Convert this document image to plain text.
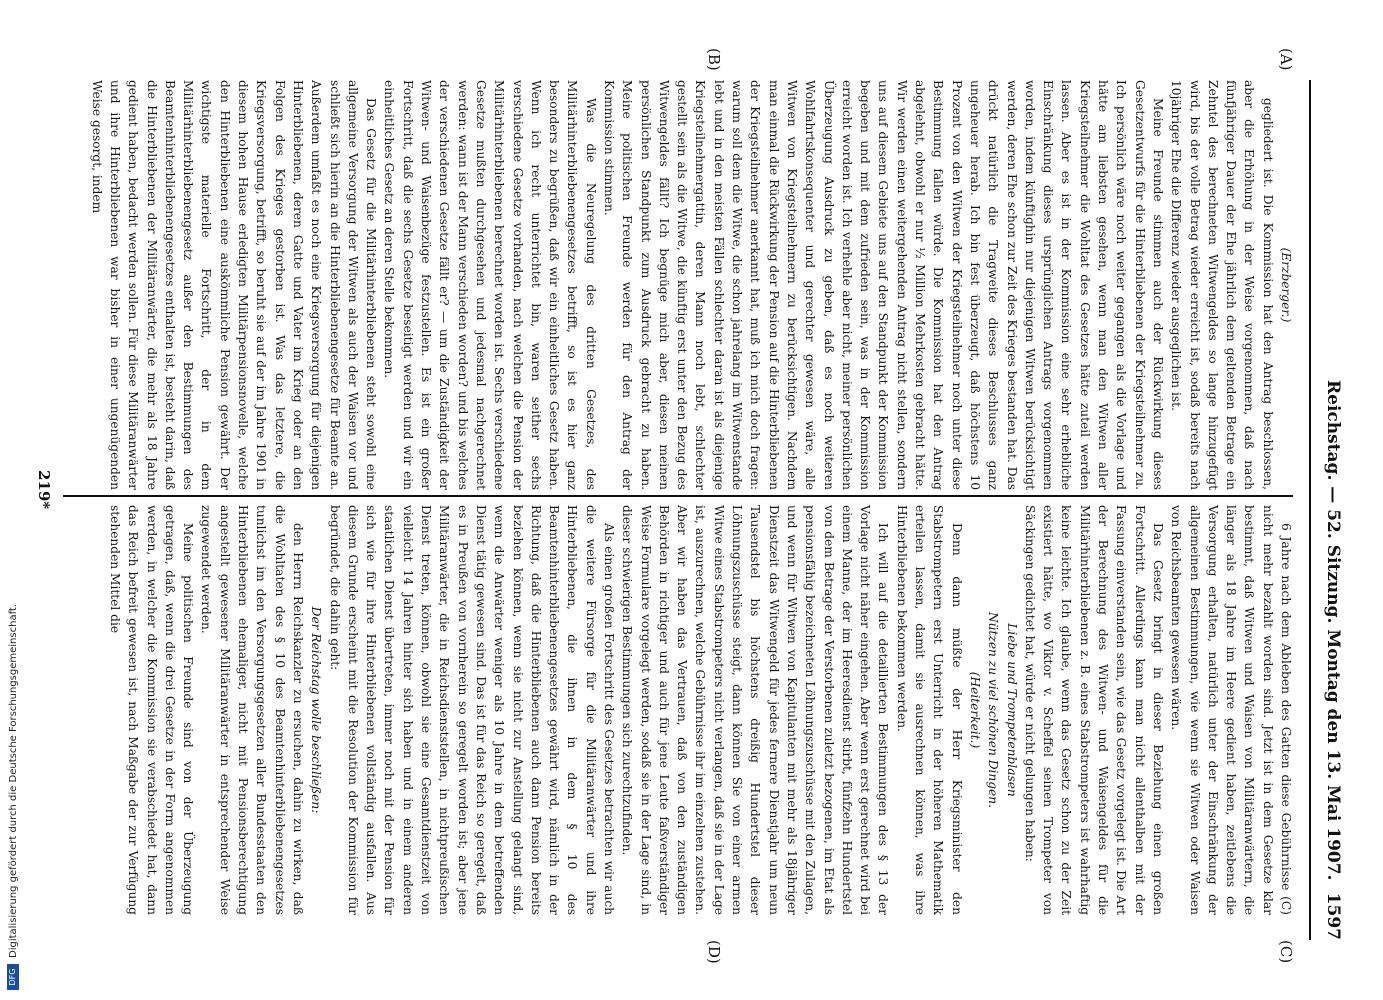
Reichstag. — 52. Sitzung. Montag den 13. Mai 1907.
1597
(A)
(B)
(C)
(D)

(Erzberger.)

gegliedert ist. Die Kommission hat den Antrag beschlossen, aber die Erhöhung in der Weise vorgenommen, daß nach fünfjähriger Dauer der Ehe jährlich dem geltenden Betrage ein Zehntel des berechneten Witwengeldes so lange hinzugefügt wird, bis der volle Betrag wieder erreicht ist, sodaß bereits nach 10jähriger Ehe die Differenz wieder ausgeglichen ist.

Meine Freunde stimmen auch der Rückwirkung dieses Gesetzentwurfs für die Hinterbliebenen der Kriegsteilnehmer zu. Ich persönlich wäre noch weiter gegangen als die Vorlage und hätte am liebsten gesehen, wenn man den Witwen aller Kriegsteilnehmer die Wohltat des Gesetzes hätte zuteil werden lassen. Aber es ist in der Kommission eine sehr erhebliche Einschränkung dieses ursprünglichen Antrags vorgenommen worden, indem künftighin nur diejenigen Witwen berücksichtigt werden, deren Ehe schon zur Zeit des Krieges bestanden hat. Das drückt natürlich die Tragweite dieses Beschlusses ganz ungeheuer herab. Ich bin fest überzeugt, daß höchstens 10 Prozent von den Witwen der Kriegsteilnehmer noch unter diese Bestimmung fallen würde. Die Kommission hat den Antrag abgelehnt, obwohl er nur ½ Million Mehrkosten gebracht hätte. Wir werden einen weitergehenden Antrag nicht stellen, sondern uns auf diesem Gebiete uns auf den Standpunkt der Kommission begeben und mit dem zufrieden sein, was in der Kommission erreicht worden ist. Ich verhehle aber nicht, meiner persönlichen Überzeugung Ausdruck zu geben, daß es noch weiteren Wohlfahrtskonsequenter und gerechter gewesen wäre, alle Witwen von Kriegsteilnehmern zu berücksichtigen. Nachdem man einmal die Rückwirkung der Pension auf die Hinterbliebenen der Kriegsteilnehmer anerkannt hat, muß ich mich doch fragen: warum soll dem die Witwe, die schon jahrelang im Witwenstande lebt und in den meisten Fällen schlechter daran ist als diejenige Kriegsteilnehmergattin, deren Mann noch lebt, schlechter gestellt sein als die Witwe, die künftig erst unter den Bezug des Witwengeldes fällt? Ich begnüge mich aber, diesen meinen persönlichen Standpunkt zum Ausdruck gebracht zu haben. Meine politischen Freunde werden für den Antrag der Kommission stimmen.

Was die Neuregelung des dritten Gesetzes, des Militärhinterbliebenengesetzes betrifft, so ist es hier ganz besonders zu begrüßen, daß wir ein einheitliches Gesetz haben. Wenn ich recht unterrichtet bin, waren seither sechs verschiedene Gesetze vorhanden, nach welchen die Pension der Militärhinterbliebenen berechnet worden ist. Sechs verschiedene Gesetze mußten durchgesehen und jedesmal nachgerechnet werden: wann ist der Mann verschieden worden? und bis welches der verschiedenen Gesetze fällt er? — um die Zuständigkeit der Witwen- und Waisenbezüge festzustellen. Es ist ein großer Fortschritt, daß die sechs Gesetze beseitigt werden und wir ein einheitliches Gesetz an deren Stelle bekommen.

Das Gesetz für die Militärhinterbliebenen steht sowohl eine allgemeine Versorgung der Witwen als auch der Waisen vor und schließt sich hierin an die Hinterbliebenengesetze für Beamte an. Außerdem umfaßt es noch eine Kriegsversorgung für diejenigen Hinterbliebenen, deren Gatte und Vater im Krieg oder an den Folgen des Krieges gestorben ist. Was das letztere, die Kriegsversorgung, betrifft, so beruht sie auf der im Jahre 1901 in diesem hohen Hause erledigten Militärpensionsnovelle, welche den Hinterbliebenen eine auskömmliche Pension gewährt. Der wichtigste materielle Fortschritt, der in dem Militärhinterbliebenengesetz außer den Bestimmungen des Beamtenhinterbliebenengesetzes enthalten ist, besteht darin, daß die Hinterbliebenen der Militäranwärter, die mehr als 18 Jahre gedient haben, bedacht werden sollen. Für diese Militäranwärter und ihre Hinterbliebenen war bisher in einer ungenügenden Weise gesorgt, indem

6 Jahre nach dem Ableben des Gatten diese Gebührnisse (C) nicht mehr bezahlt worden sind. Jetzt ist in dem Gesetze klar bestimmt, daß Witwen und Waisen von Militäranwärtern, die länger als 18 Jahre im Heere gedient haben, zeitlebens die Versorgung erhalten, natürlich unter der Einschränkung der allgemeinen Bestimmungen, wie wenn sie Witwen oder Waisen von Reichsbeamten gewesen wären.

Das Gesetz bringt in dieser Beziehung einen großen Fortschritt. Allerdings kann man nicht allenthalben mit der Fassung einverstanden sein, wie das Gesetz vorgelegt ist. Die Art der Berechnung des Witwen- und Waisengeldes für die Militärhinterbliebenen z. B. eines Stabstrompeters ist wahrhaftig keine leichte. Ich glaube, wenn das Gesetz schon zu der Zeit existiert hätte, wo Viktor v. Scheffel seinen Trompeter von Säckingen gedichtet hat, würde er nicht gelungen haben:

Liebe und Trompetenblasen

Nützen zu viel schönen Dingen.

(Heiterkeit.)

Denn dann müßte der Herr Kriegsminister den Stabstrompetern erst Unterricht in der höheren Mathematik erteilen lassen, damit sie ausrechnen können, was ihre Hinterbliebenen bekommen werden.

Ich will auf die detaillierten Bestimmungen des § 13 der Vorlage nicht näher eingehen. Aber wenn erst gerechnet wird bei einem Manne, der im Heeresdienst stirbt, fünfzehn Hundertstel von dem Betrage der Verstorbenen zuletzt bezogenen, im Etat als pensionsfähig bezeichneten Löhnungszuschüsse mit den Zulagen, und wenn für Witwen von Kapitulanten mit mehr als 18jähriger Dienstzeit das Witwengeld für jedes fernere Dienstjahr um neun Tausendstel bis höchstens dreißig Hundertstel dieser Löhnungszuschüsse steigt, dann können Sie von einer armen Witwe eines Stabstrompeters nicht verlangen, daß sie in der Lage ist, auszurechnen, welche Gebührnisse ihr im einzelnen zustehen. Aber wir haben das Vertrauen, daß von den zuständigen Behörden in richtiger und auch für jene Leute faßverständiger Weise Formulare vorgelegt werden, sodaß sie in der Lage sind, in dieser schwierigen Bestimmungen sich zurechtzufinden.

Als einen großen Fortschritt des Gesetzes betrachten wir auch die weitere Fürsorge für die Militäranwärter und ihre Hinterbliebenen, die ihnen in dem § 10 des Beamtenhinterbliebenengesetzes gewährt wird, nämlich in der Richtung, daß die Hinterbliebenen auch dann Pension bereits beziehen können, wenn sie nicht zur Anstellung gelangt sind, wenn die Anwärter weniger als 10 Jahre in dem betreffenden Dienst tätig gewesen sind. Das ist für das Reich so geregelt, daß es in Preußen von vornherein so geregelt worden ist; aber jene Militäranwärter, die in Reichsdienststellen, in nichtpreußischen Dienst treten, können, obwohl sie eine Gesamtdienstzeit von vielleicht 14 Jahren hinter sich haben und in einem anderen staatlichen Dienst übertreten, immer noch mit der Pension für sich wie für ihre Hinterbliebenen vollständig ausfallen. Aus diesem Grunde erscheint mit die Resolution der Kommission für begründet, die dahin geht:

Der Reichstag wolle beschließen:

den Herrn Reichskanzler zu ersuchen, dahin zu wirken, daß die Wohltaten des § 10 des Beamtenhinterbliebenengesetzes tunlichst im den Versorgungsgesetzen aller Bundesstaaten den Hinterbliebenen ehemaliger, nicht mit Pensionsberechtigung angestellt gewesener Militäranwärter in entsprechender Weise zugewendet werden.

Meine politischen Freunde sind von der Überzeugung getragen, daß, wenn die drei Gesetze in der Form angenommen werden, in welcher die Kommission sie verabschiedet hat, dann das Reich befreit gewesen ist, nach Maßgabe der zur Verfügung stehenden Mittel die

219*
DFGDigitalisierung gefördert durch die Deutsche Forschungsgemeinschaft.
